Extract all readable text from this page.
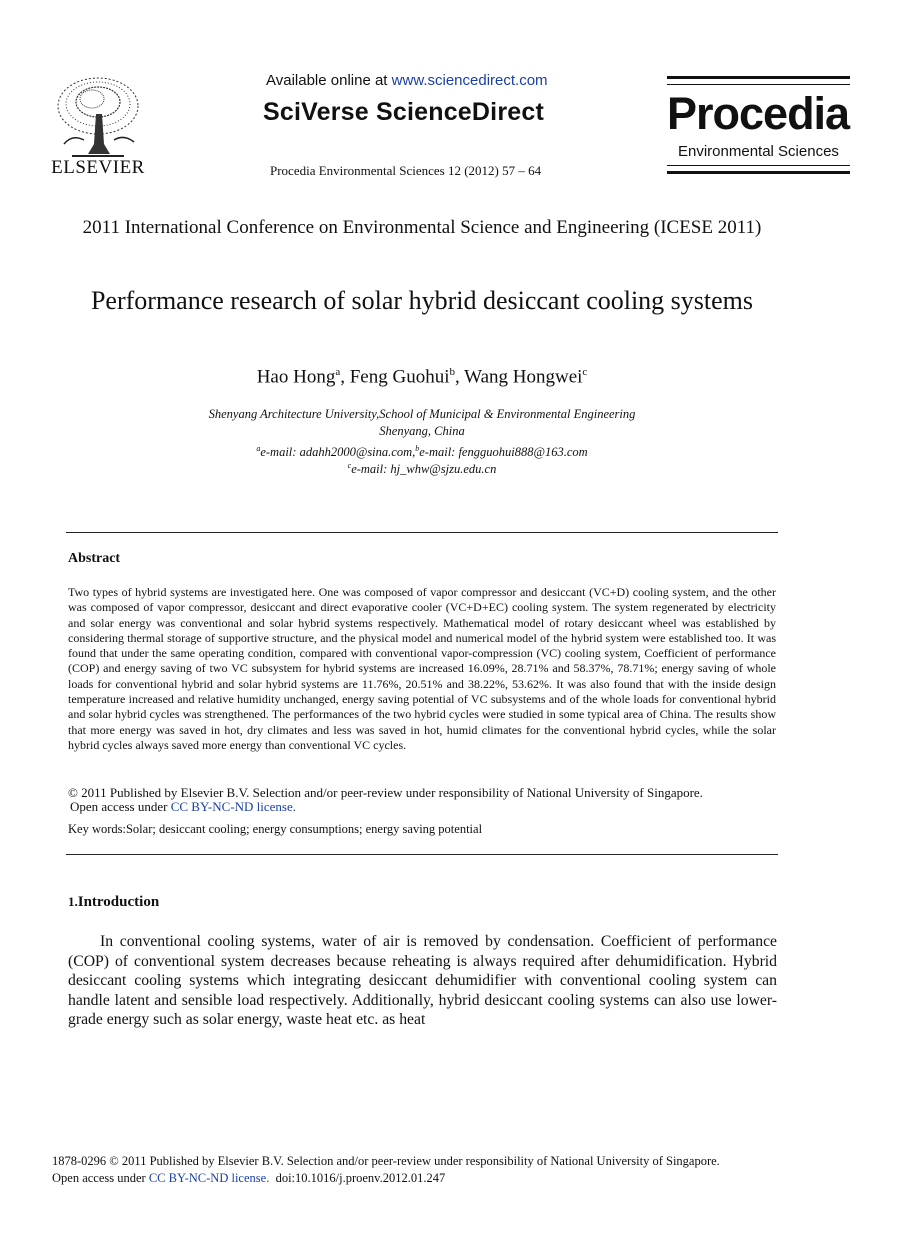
ELSEVIER
Available online at www.sciencedirect.com
SciVerse ScienceDirect
Procedia Environmental Sciences 12 (2012) 57 – 64
Procedia
Environmental Sciences
2011 International Conference on Environmental Science and Engineering (ICESE 2011)
Performance research of solar hybrid desiccant cooling systems
Hao Hong$^a$, Feng Guohui$^b$, Wang Hongwei$^c$
Shenyang Architecture University,School of Municipal & Environmental Engineering
Shenyang, China
$^a$e-mail: adahh2000@sina.com,$^b$e-mail: fengguohui888@163.com
$^c$e-mail: hj_whw@sjzu.edu.cn
Abstract
Two types of hybrid systems are investigated here. One was composed of vapor compressor and desiccant (VC+D) cooling system, and the other was composed of vapor compressor, desiccant and direct evaporative cooler (VC+D+EC) cooling system. The system regenerated by electricity and solar energy was conventional and solar hybrid systems respectively. Mathematical model of rotary desiccant wheel was established by considering thermal storage of supportive structure, and the physical model and numerical model of the hybrid system were established too. It was found that under the same operating condition, compared with conventional vapor-compression (VC) cooling system, Coefficient of performance (COP) and energy saving of two VC subsystem for hybrid systems are increased 16.09%, 28.71% and 58.37%, 78.71%; energy saving of whole loads for conventional hybrid and solar hybrid systems are 11.76%, 20.51% and 38.22%, 53.62%. It was also found that with the inside design temperature increased and relative humidity unchanged, energy saving potential of VC subsystems and of the whole loads for conventional hybrid and solar hybrid cycles was strengthened. The performances of the two hybrid cycles were studied in some typical area of China. The results show that more energy was saved in hot, dry climates and less was saved in hot, humid climates for the conventional hybrid cycles, while the solar hybrid cycles always saved more energy than conventional VC cycles.
© 2011 Published by Elsevier B.V. Selection and/or peer-review under responsibility of National University of Singapore.
Open access under CC BY-NC-ND license.
Key words:Solar; desiccant cooling; energy consumptions; energy saving potential
1.Introduction
In conventional cooling systems, water of air is removed by condensation. Coefficient of performance (COP) of conventional system decreases because reheating is always required after dehumidification. Hybrid desiccant cooling systems which integrating desiccant dehumidifier with conventional cooling system can handle latent and sensible load respectively. Additionally, hybrid desiccant cooling systems can also use lower-grade energy such as solar energy, waste heat etc. as heat
1878-0296 © 2011 Published by Elsevier B.V. Selection and/or peer-review under responsibility of National University of Singapore.
Open access under CC BY-NC-ND license. doi:10.1016/j.proenv.2012.01.247
